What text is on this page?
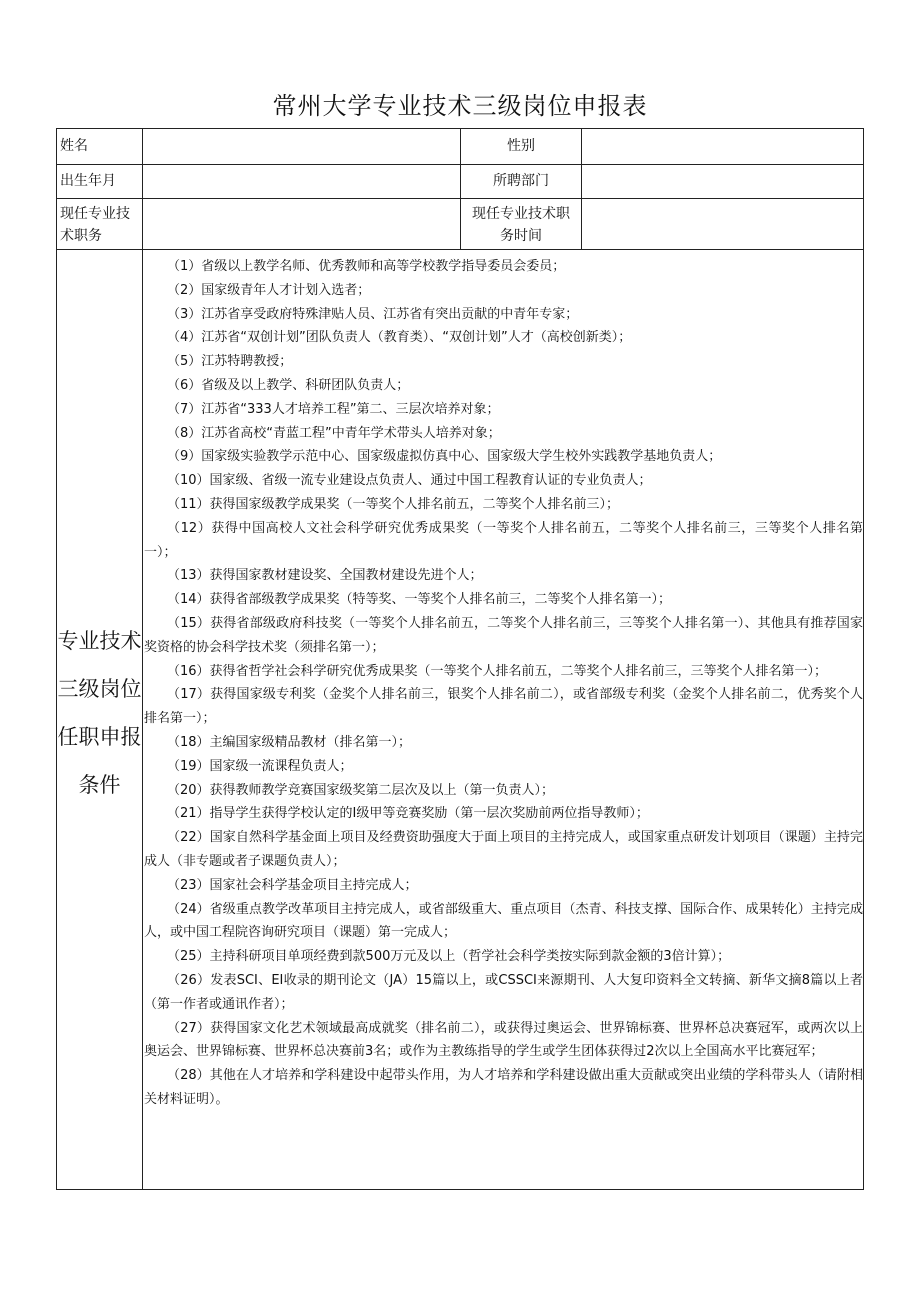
常州大学专业技术三级岗位申报表
姓名	性别
出生年月	所聘部门
现任专业技术职务
现任专业技术职务时间
专业技术三级岗位任职申报条件

（1）省级以上教学名师、优秀教师和高等学校教学指导委员会委员；

（2）国家级青年人才计划入选者；

（3）江苏省享受政府特殊津贴人员、江苏省有突出贡献的中青年专家；

（4）江苏省“双创计划”团队负责人（教育类）、“双创计划”人才（高校创新类）；

（5）江苏特聘教授；

（6）省级及以上教学、科研团队负责人；

（7）江苏省“333人才培养工程”第二、三层次培养对象；

（8）江苏省高校“青蓝工程”中青年学术带头人培养对象；

（9）国家级实验教学示范中心、国家级虚拟仿真中心、国家级大学生校外实践教学基地负责人；

（10）国家级、省级一流专业建设点负责人、通过中国工程教育认证的专业负责人；

（11）获得国家级教学成果奖（一等奖个人排名前五，二等奖个人排名前三）；

（12）获得中国高校人文社会科学研究优秀成果奖（一等奖个人排名前五，二等奖个人排名前三，三等奖个人排名第一）；

（13）获得国家教材建设奖、全国教材建设先进个人；

（14）获得省部级教学成果奖（特等奖、一等奖个人排名前三，二等奖个人排名第一）；

（15）获得省部级政府科技奖（一等奖个人排名前五，二等奖个人排名前三，三等奖个人排名第一）、其他具有推荐国家奖资格的协会科学技术奖（须排名第一）；

（16）获得省哲学社会科学研究优秀成果奖（一等奖个人排名前五，二等奖个人排名前三，三等奖个人排名第一）；

（17）获得国家级专利奖（金奖个人排名前三，银奖个人排名前二），或省部级专利奖（金奖个人排名前二，优秀奖个人排名第一）；

（18）主编国家级精品教材（排名第一）；

（19）国家级一流课程负责人；

（20）获得教师教学竞赛国家级奖第二层次及以上（第一负责人）；

（21）指导学生获得学校认定的Ⅰ级甲等竞赛奖励（第一层次奖励前两位指导教师）；

（22）国家自然科学基金面上项目及经费资助强度大于面上项目的主持完成人，或国家重点研发计划项目（课题）主持完成人（非专题或者子课题负责人）；

（23）国家社会科学基金项目主持完成人；

（24）省级重点教学改革项目主持完成人，或省部级重大、重点项目（杰青、科技支撑、国际合作、成果转化）主持完成人，或中国工程院咨询研究项目（课题）第一完成人；

（25）主持科研项目单项经费到款500万元及以上（哲学社会科学类按实际到款金额的3倍计算）；

（26）发表SCI、EI收录的期刊论文（JA）15篇以上，或CSSCI来源期刊、人大复印资料全文转摘、新华文摘8篇以上者（第一作者或通讯作者）；

（27）获得国家文化艺术领域最高成就奖（排名前二），或获得过奥运会、世界锦标赛、世界杯总决赛冠军，或两次以上奥运会、世界锦标赛、世界杯总决赛前3名；或作为主教练指导的学生或学生团体获得过2次以上全国高水平比赛冠军；

（28）其他在人才培养和学科建设中起带头作用，为人才培养和学科建设做出重大贡献或突出业绩的学科带头人（请附相关材料证明）。
